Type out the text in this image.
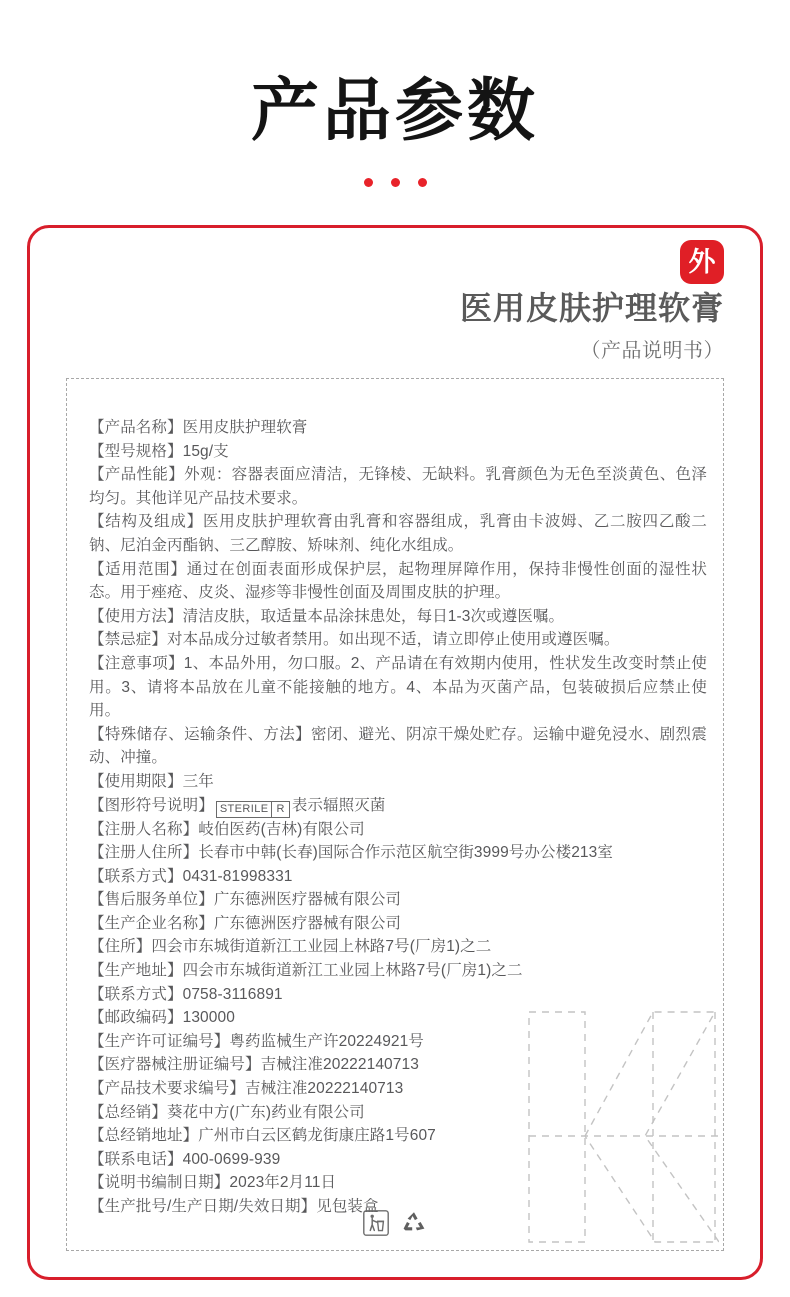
产品参数
外
医用皮肤护理软膏
（产品说明书）
【产品名称】医用皮肤护理软膏
【型号规格】15g/支
【产品性能】外观：容器表面应清洁，无锋棱、无缺料。乳膏颜色为无色至淡黄色、色泽均匀。其他详见产品技术要求。
【结构及组成】医用皮肤护理软膏由乳膏和容器组成，乳膏由卡波姆、乙二胺四乙酸二钠、尼泊金丙酯钠、三乙醇胺、矫味剂、纯化水组成。
【适用范围】通过在创面表面形成保护层，起物理屏障作用，保持非慢性创面的湿性状态。用于痤疮、皮炎、湿疹等非慢性创面及周围皮肤的护理。
【使用方法】清洁皮肤，取适量本品涂抹患处，每日1-3次或遵医嘱。
【禁忌症】对本品成分过敏者禁用。如出现不适，请立即停止使用或遵医嘱。
【注意事项】1、本品外用，勿口服。2、产品请在有效期内使用，性状发生改变时禁止使用。3、请将本品放在儿童不能接触的地方。4、本品为灭菌产品，包装破损后应禁止使用。
【特殊储存、运输条件、方法】密闭、避光、阴凉干燥处贮存。运输中避免浸水、剧烈震动、冲撞。
【使用期限】三年
【图形符号说明】 STERILE R 表示辐照灭菌
【注册人名称】岐伯医药(吉林)有限公司
【注册人住所】长春市中韩(长春)国际合作示范区航空街3999号办公楼213室
【联系方式】0431-81998331
【售后服务单位】广东德洲医疗器械有限公司
【生产企业名称】广东德洲医疗器械有限公司
【住所】四会市东城街道新江工业园上林路7号(厂房1)之二
【生产地址】四会市东城街道新江工业园上林路7号(厂房1)之二
【联系方式】0758-3116891
【邮政编码】130000
【生产许可证编号】粤药监械生产许20224921号
【医疗器械注册证编号】吉械注准20222140713
【产品技术要求编号】吉械注准20222140713
【总经销】葵花中方(广东)药业有限公司
【总经销地址】广州市白云区鹤龙街康庄路1号607
【联系电话】400-0699-939
【说明书编制日期】2023年2月11日
【生产批号/生产日期/失效日期】见包装盒
